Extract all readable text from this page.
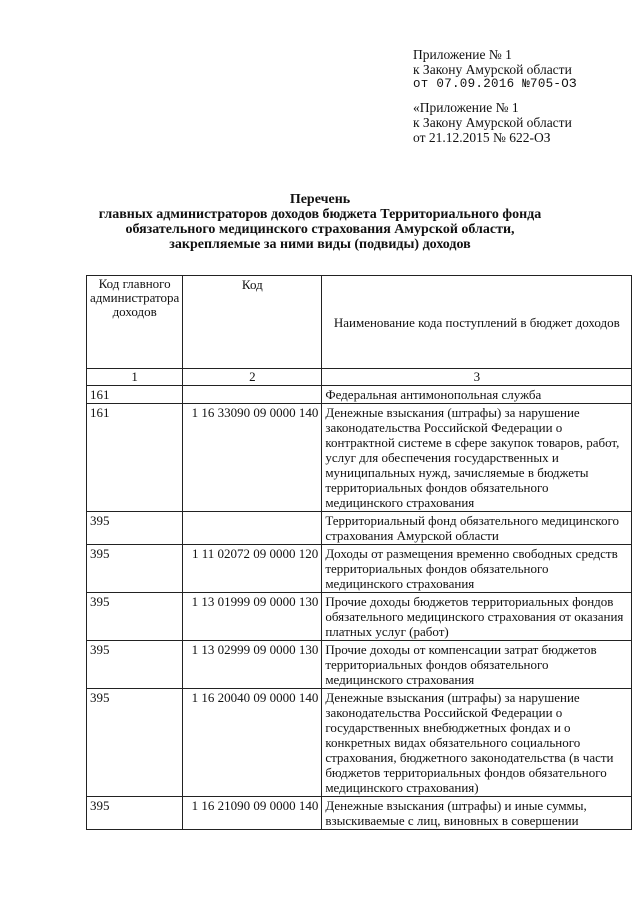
Приложение № 1
к Закону Амурской области
от 07.09.2016 №705-ОЗ
«Приложение № 1
к Закону Амурской области
от 21.12.2015 № 622-ОЗ
Перечень
главных администраторов доходов бюджета Территориального фонда
обязательного медицинского страхования Амурской области,
закрепляемые за ними виды (подвиды) доходов
Код главного администратора доходов	Код	Наименование кода поступлений в бюджет доходов
1	2	3
161		Федеральная антимонопольная служба
161	1 16 33090 09 0000 140	Денежные взыскания (штрафы) за нарушение законодательства Российской Федерации о контрактной системе в сфере закупок товаров, работ, услуг для обеспечения государственных и муниципальных нужд, зачисляемые в бюджеты территориальных фондов обязательного медицинского страхования
395		Территориальный фонд обязательного медицинского страхования Амурской области
395	1 11 02072 09 0000 120	Доходы от размещения временно свободных средств территориальных фондов обязательного медицинского страхования
395	1 13 01999 09 0000 130	Прочие доходы бюджетов территориальных фондов обязательного медицинского страхования от оказания платных услуг (работ)
395	1 13 02999 09 0000 130	Прочие доходы от компенсации затрат бюджетов территориальных фондов обязательного медицинского страхования
395	1 16 20040 09 0000 140	Денежные взыскания (штрафы) за нарушение законодательства Российской Федерации о государственных внебюджетных фондах и о конкретных видах обязательного социального страхования, бюджетного законодательства (в части бюджетов территориальных фондов обязательного медицинского страхования)
395	1 16 21090 09 0000 140	Денежные взыскания (штрафы) и иные суммы, взыскиваемые с лиц, виновных в совершении
